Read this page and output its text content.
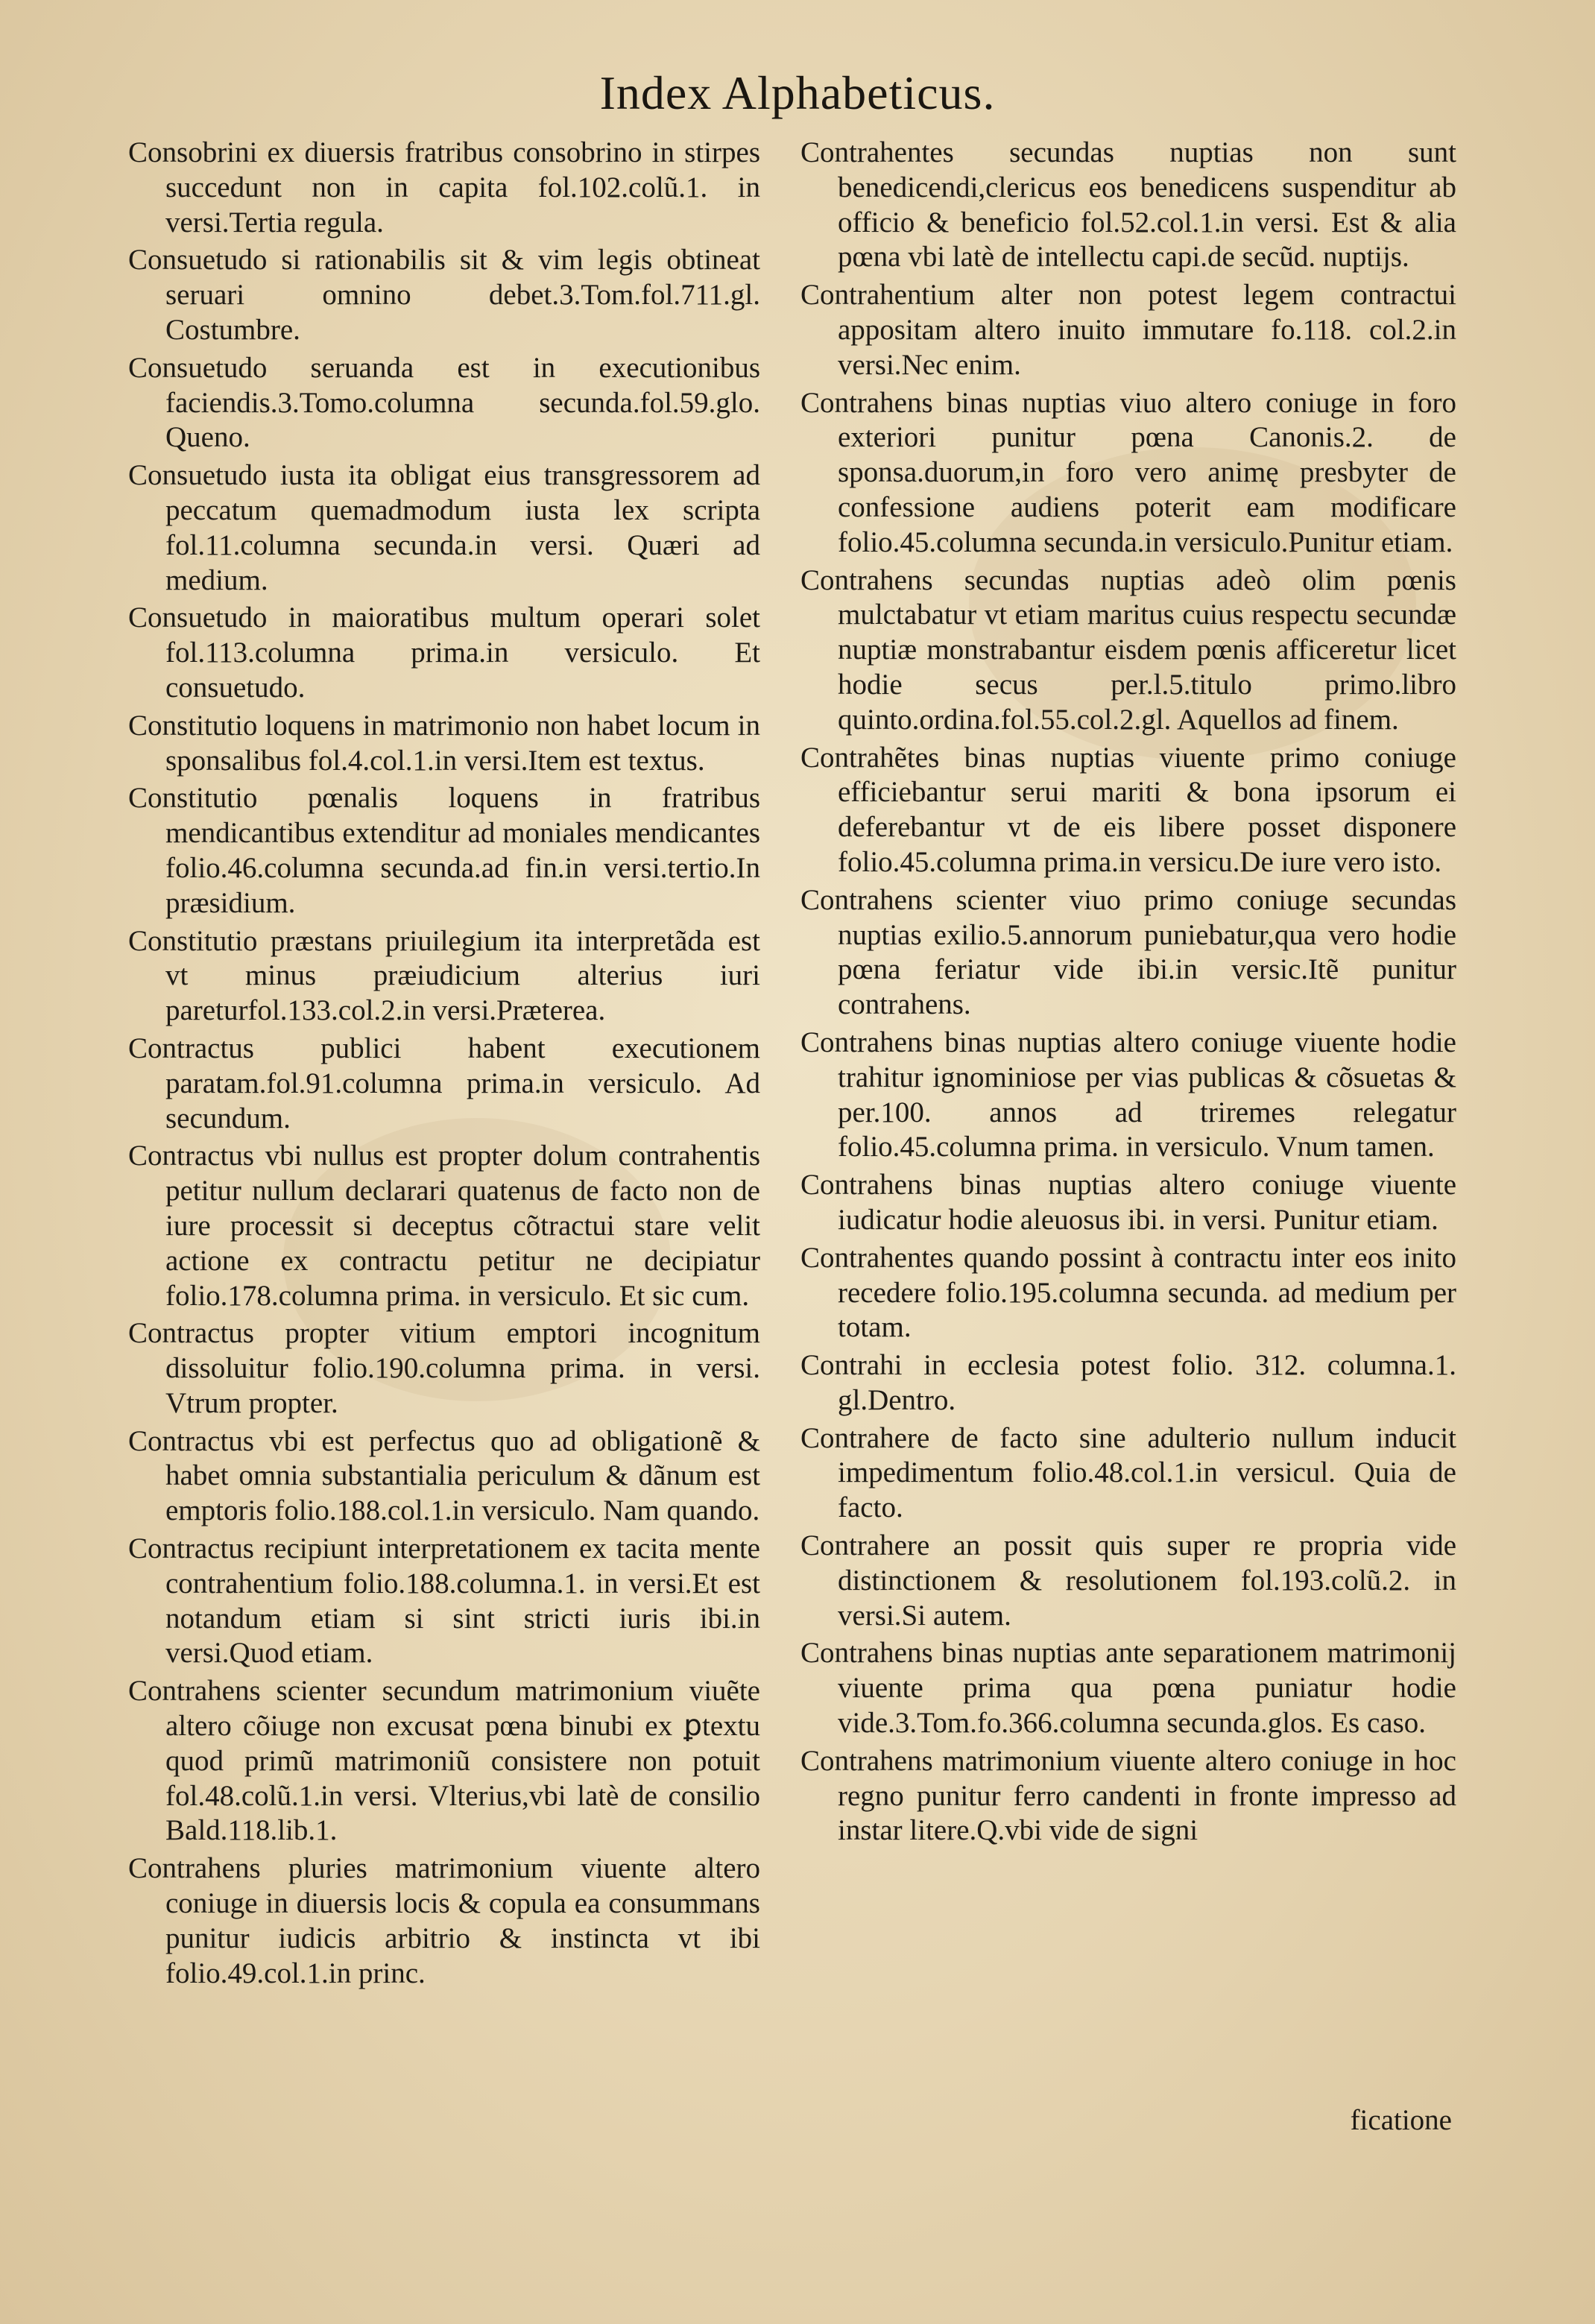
Index Alphabeticus.

Consobrini ex diuersis fratribus consobrino in stirpes succedunt non in capita fol.102.colũ.1. in versi.Tertia regula.

Consuetudo si rationabilis sit & vim legis obtineat seruari omnino debet.3.Tom.fol.711.gl. Costumbre.

Consuetudo seruanda est in executionibus faciendis.3.Tomo.columna secunda.fol.59.glo. Queno.

Consuetudo iusta ita obligat eius transgressorem ad peccatum quemadmodum iusta lex scripta fol.11.columna secunda.in versi. Quæri ad medium.

Consuetudo in maioratibus multum operari solet fol.113.columna prima.in versiculo. Et consuetudo.

Constitutio loquens in matrimonio non habet locum in sponsalibus fol.4.col.1.in versi.Item est textus.

Constitutio pœnalis loquens in fratribus mendicantibus extenditur ad moniales mendicantes folio.46.columna secunda.ad fin.in versi.tertio.In præsidium.

Constitutio præstans priuilegium ita interpretãda est vt minus præiudicium alterius iuri pareturfol.133.col.2.in versi.Præterea.

Contractus publici habent executionem paratam.fol.91.columna prima.in versiculo. Ad secundum.

Contractus vbi nullus est propter dolum contrahentis petitur nullum declarari quatenus de facto non de iure processit si deceptus cõtractui stare velit actione ex contractu petitur ne decipiatur folio.178.columna prima. in versiculo. Et sic cum.

Contractus propter vitium emptori incognitum dissoluitur folio.190.columna prima. in versi. Vtrum propter.

Contractus vbi est perfectus quo ad obligationẽ & habet omnia substantialia periculum & dãnum est emptoris folio.188.col.1.in versiculo. Nam quando.

Contractus recipiunt interpretationem ex tacita mente contrahentium folio.188.columna.1. in versi.Et est notandum etiam si sint stricti iuris ibi.in versi.Quod etiam.

Contrahens scienter secundum matrimonium viuẽte altero cõiuge non excusat pœna binubi ex ꝑtextu quod primũ matrimoniũ consistere non potuit fol.48.colũ.1.in versi. Vlterius,vbi latè de consilio Bald.118.lib.1.

Contrahens pluries matrimonium viuente altero coniuge in diuersis locis & copula ea consummans punitur iudicis arbitrio & instincta vt ibi folio.49.col.1.in princ.

Contrahentes secundas nuptias non sunt benedicendi,clericus eos benedicens suspenditur ab officio & beneficio fol.52.col.1.in versi. Est & alia pœna vbi latè de intellectu capi.de secũd. nuptijs.

Contrahentium alter non potest legem contractui appositam altero inuito immutare fo.118. col.2.in versi.Nec enim.

Contrahens binas nuptias viuo altero coniuge in foro exteriori punitur pœna Canonis.2. de sponsa.duorum,in foro vero animę presbyter de confessione audiens poterit eam modificare folio.45.columna secunda.in versiculo.Punitur etiam.

Contrahens secundas nuptias adeò olim pœnis mulctabatur vt etiam maritus cuius respectu secundæ nuptiæ monstrabantur eisdem pœnis afficeretur licet hodie secus per.l.5.titulo primo.libro quinto.ordina.fol.55.col.2.gl. Aquellos ad finem.

Contrahẽtes binas nuptias viuente primo coniuge efficiebantur serui mariti & bona ipsorum ei deferebantur vt de eis libere posset disponere folio.45.columna prima.in versicu.De iure vero isto.

Contrahens scienter viuo primo coniuge secundas nuptias exilio.5.annorum puniebatur,qua vero hodie pœna feriatur vide ibi.in versic.Itẽ punitur contrahens.

Contrahens binas nuptias altero coniuge viuente hodie trahitur ignominiose per vias publicas & cõsuetas & per.100. annos ad triremes relegatur folio.45.columna prima. in versiculo. Vnum tamen.

Contrahens binas nuptias altero coniuge viuente iudicatur hodie aleuosus ibi. in versi. Punitur etiam.

Contrahentes quando possint à contractu inter eos inito recedere folio.195.columna secunda. ad medium per totam.

Contrahi in ecclesia potest folio. 312. columna.1. gl.Dentro.

Contrahere de facto sine adulterio nullum inducit impedimentum folio.48.col.1.in versicul. Quia de facto.

Contrahere an possit quis super re propria vide distinctionem & resolutionem fol.193.colũ.2. in versi.Si autem.

Contrahens binas nuptias ante separationem matrimonij viuente prima qua pœna puniatur hodie vide.3.Tom.fo.366.columna secunda.glos. Es caso.

Contrahens matrimonium viuente altero coniuge in hoc regno punitur ferro candenti in fronte impresso ad instar litere.Q.vbi vide de signi

ficatione
